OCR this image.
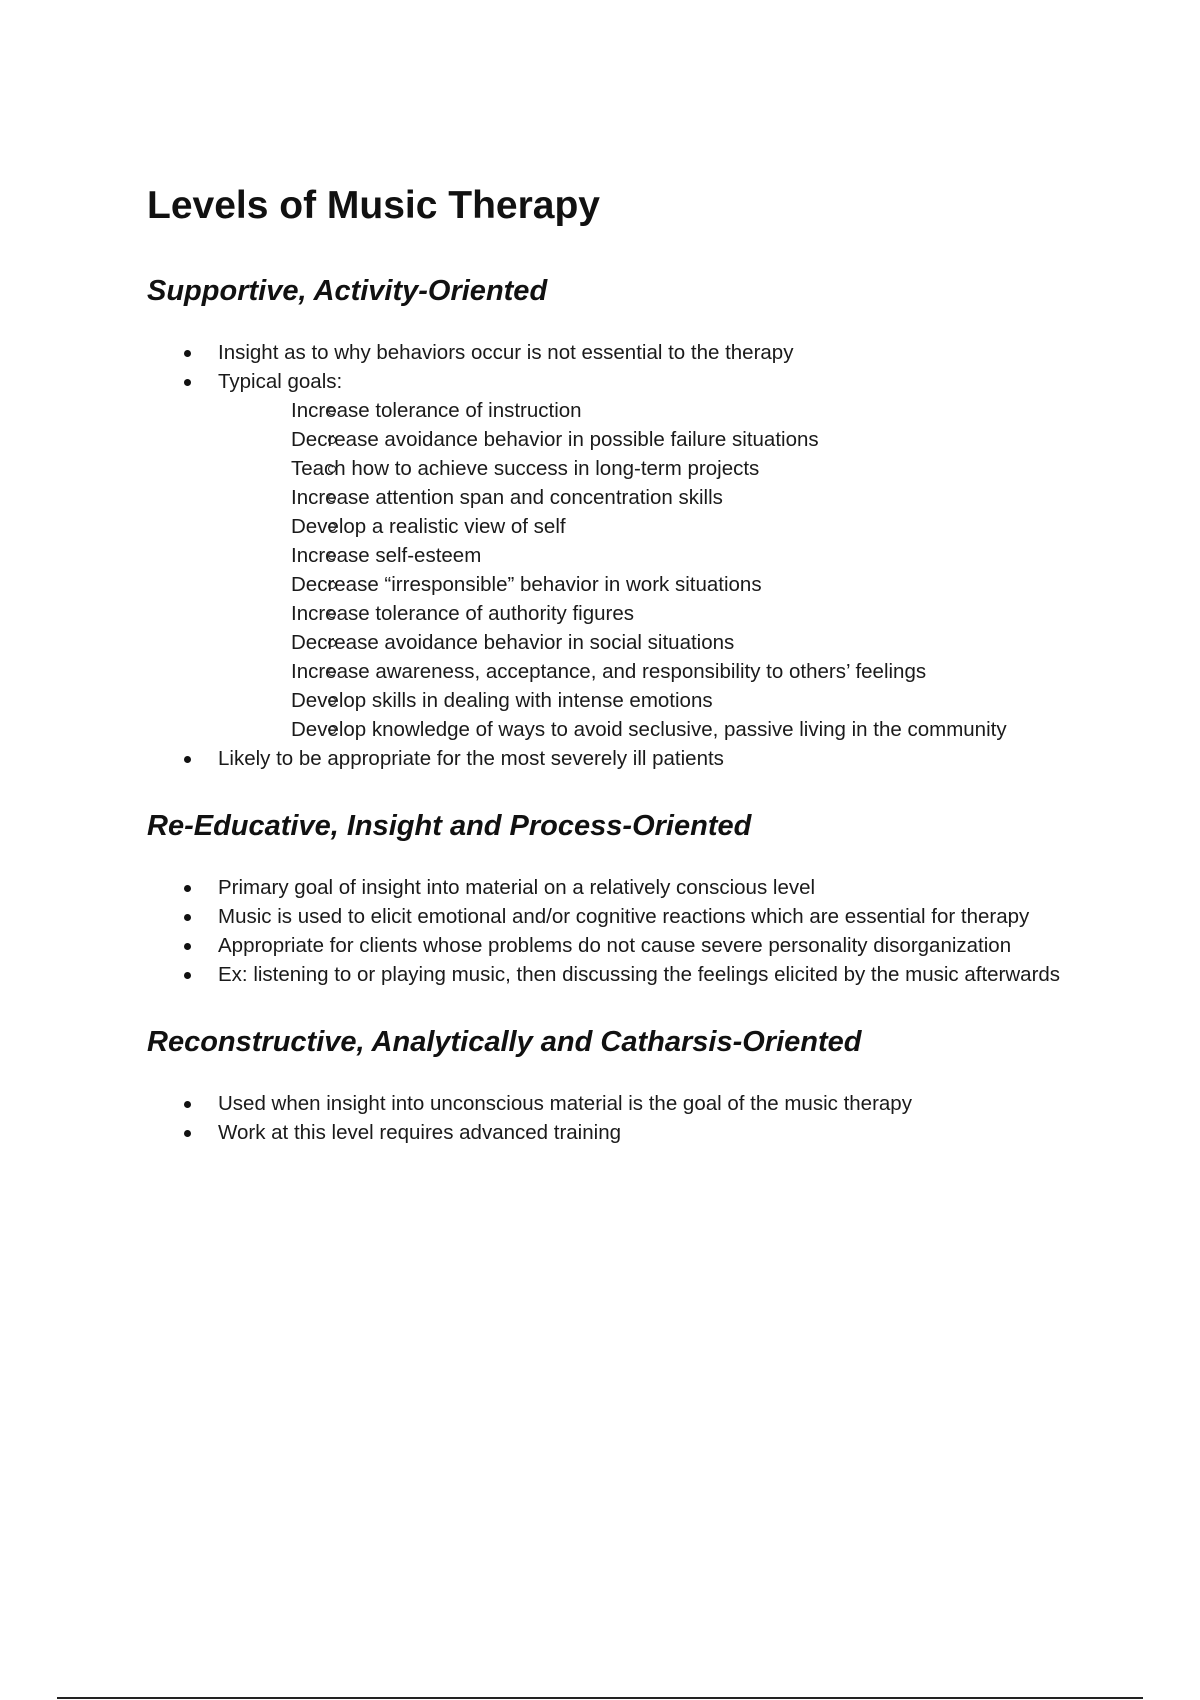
Levels of Music Therapy
Supportive, Activity-Oriented
Insight as to why behaviors occur is not essential to the therapy
Typical goals:
Increase tolerance of instruction
Decrease avoidance behavior in possible failure situations
Teach how to achieve success in long-term projects
Increase attention span and concentration skills
Develop a realistic view of self
Increase self-esteem
Decrease “irresponsible” behavior in work situations
Increase tolerance of authority figures
Decrease avoidance behavior in social situations
Increase awareness, acceptance, and responsibility to others’ feelings
Develop skills in dealing with intense emotions
Develop knowledge of ways to avoid seclusive, passive living in the community
Likely to be appropriate for the most severely ill patients
Re-Educative, Insight and Process-Oriented
Primary goal of insight into material on a relatively conscious level
Music is used to elicit emotional and/or cognitive reactions which are essential for therapy
Appropriate for clients whose problems do not cause severe personality disorganization
Ex: listening to or playing music, then discussing the feelings elicited by the music afterwards
Reconstructive, Analytically and Catharsis-Oriented
Used when insight into unconscious material is the goal of the music therapy
Work at this level requires advanced training
